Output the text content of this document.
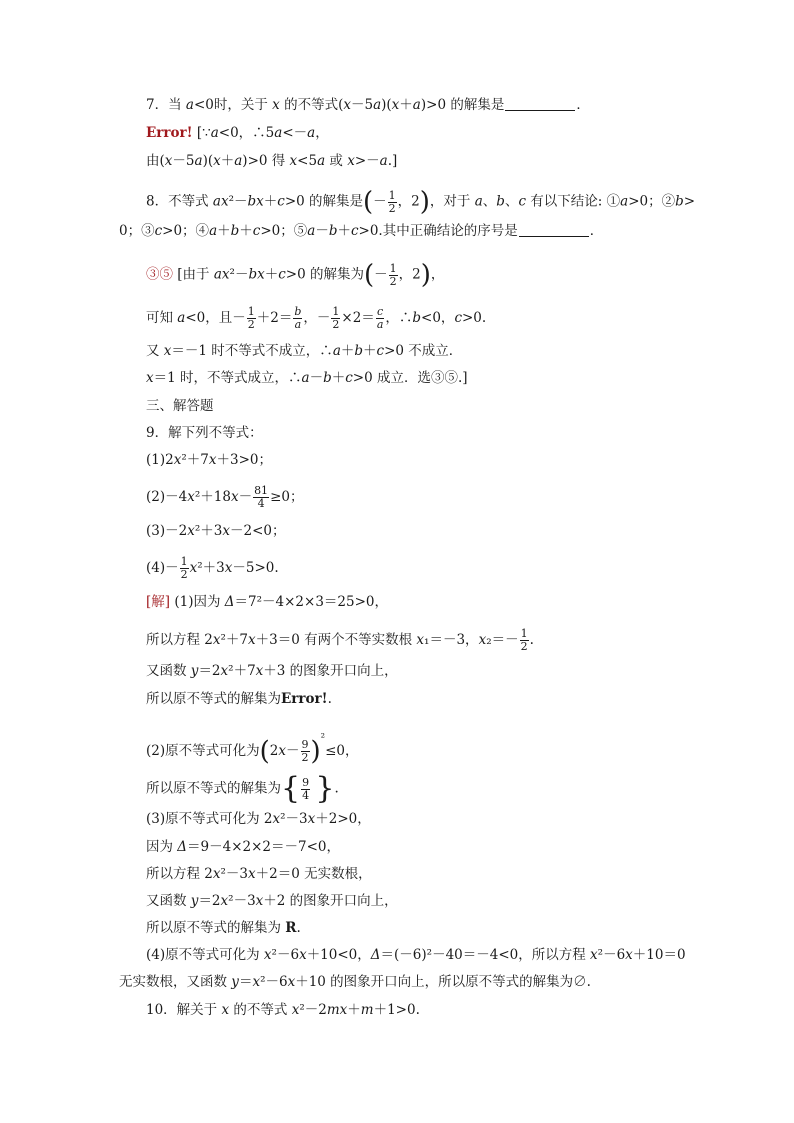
7．当 a<0时，关于 x 的不等式(x－5a)(x＋a)>0 的解集是	．
Error! [∵a<0，∴5a<－a，
由(x－5a)(x＋a)>0 得 x<5a 或 x>－a.]
8．不等式 ax²－bx＋c>0 的解集是(－ $\frac{1}{2}$ ，2)，对于 a、b、c 有以下结论: ①a>0；②b>
0；③c>0；④a＋b＋c>0；⑤a－b＋c>0.其中正确结论的序号是	．
③⑤ [由于 ax²－bx＋c>0 的解集为(－ $\frac{1}{2}$ ，2)，
可知 a<0，且－ $\frac{1}{2} +2= \frac{b}{a}$ ，－ $\frac{1}{2} \times 2= \frac{c}{a}$ ，∴b<0，c>0.
又 x＝－1 时不等式不成立，∴a＋b＋c>0 不成立．
x＝1 时，不等式成立，∴a－b＋c>0 成立．选③⑤.]
三、解答题
9．解下列不等式：
(1)2x²＋7x＋3>0；
$(2)-4x^2+18x- \frac{81}{4} \ge 0$；
(3)－2x²＋3x－2<0；
$(4)- \frac{1}{2} x^2+3x-5>0$.
[解] (1)因为 Δ＝7²－4×2×3＝25>0，
所以方程 2x²＋7x＋3＝0 有两个不等实数根 x₁＝－3，$x_2=- \frac{1}{2}$ .
又函数 y＝2x²＋7x＋3 的图象开口向上，
所以原不等式的解集为Error!.
(2)原不等式可化为$(2x- \frac{9}{2} )^{^2}\le 0$，
所以原不等式的解集为{ $\frac{9}{4}$ }.
(3)原不等式可化为 2x²－3x＋2>0，
因为 Δ＝9－4×2×2＝－7<0，
所以方程 2x²－3x＋2＝0 无实数根，
又函数 y＝2x²－3x＋2 的图象开口向上，
所以原不等式的解集为 R.
(4)原不等式可化为 x²－6x＋10<0，Δ＝(－6)²－40＝－4<0，所以方程 x²－6x＋10＝0
无实数根，又函数 y＝x²－6x＋10 的图象开口向上，所以原不等式的解集为∅.
10．解关于 x 的不等式 x²－2mx＋m＋1>0.
